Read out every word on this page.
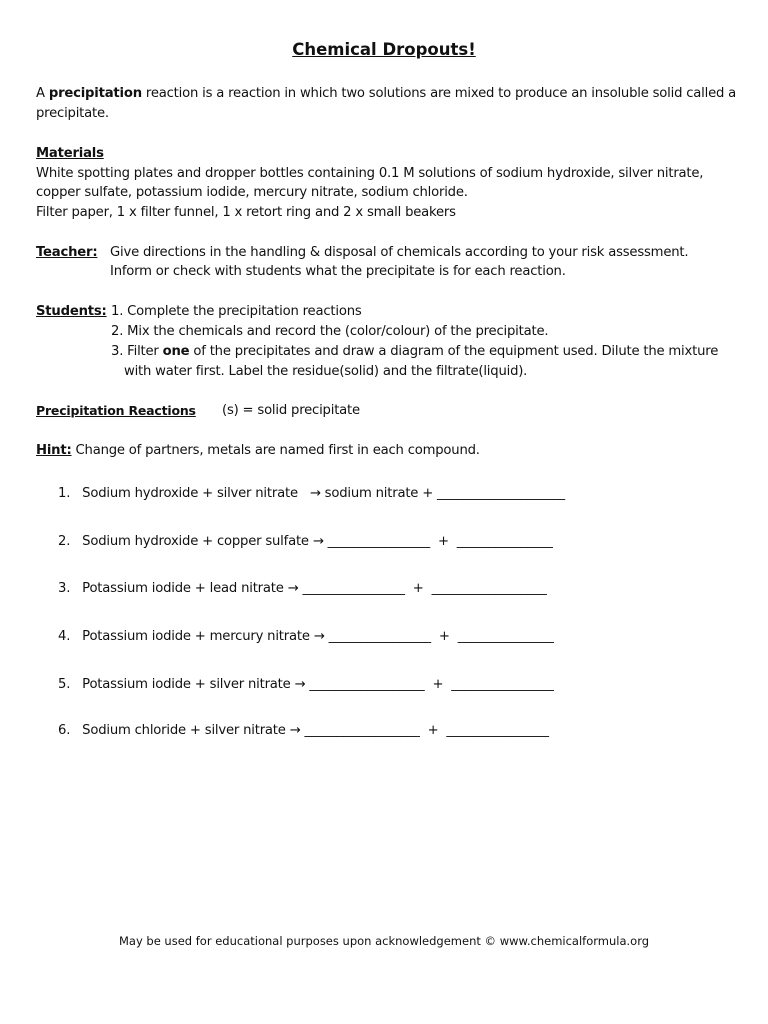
Chemical Dropouts!
A precipitation reaction is a reaction in which two solutions are mixed to produce an insoluble solid called a
precipitate.
Materials
White spotting plates and dropper bottles containing 0.1 M solutions of sodium hydroxide, silver nitrate,
copper sulfate, potassium iodide, mercury nitrate, sodium chloride.
Filter paper, 1 x filter funnel, 1 x retort ring and 2 x small beakers
Teacher: Give directions in the handling & disposal of chemicals according to your risk assessment.
Inform or check with students what the precipitate is for each reaction.
Students: 1. Complete the precipitation reactions
2. Mix the chemicals and record the (color/colour) of the precipitate.
3. Filter one of the precipitates and draw a diagram of the equipment used. Dilute the mixture
with water first. Label the residue(solid) and the filtrate(liquid).
Precipitation Reactions (s) = solid precipitate
Hint: Change of partners, metals are named first in each compound.
1.   Sodium hydroxide + silver nitrate   → sodium nitrate + ____________________
2.   Sodium hydroxide + copper sulfate → ________________  +  _______________
3.   Potassium iodide + lead nitrate → ________________  +  __________________
4.   Potassium iodide + mercury nitrate → ________________  +  _______________
5.   Potassium iodide + silver nitrate → __________________  +  ________________
6.   Sodium chloride + silver nitrate → __________________  +  ________________
May be used for educational purposes upon acknowledgement © www.chemicalformula.org
